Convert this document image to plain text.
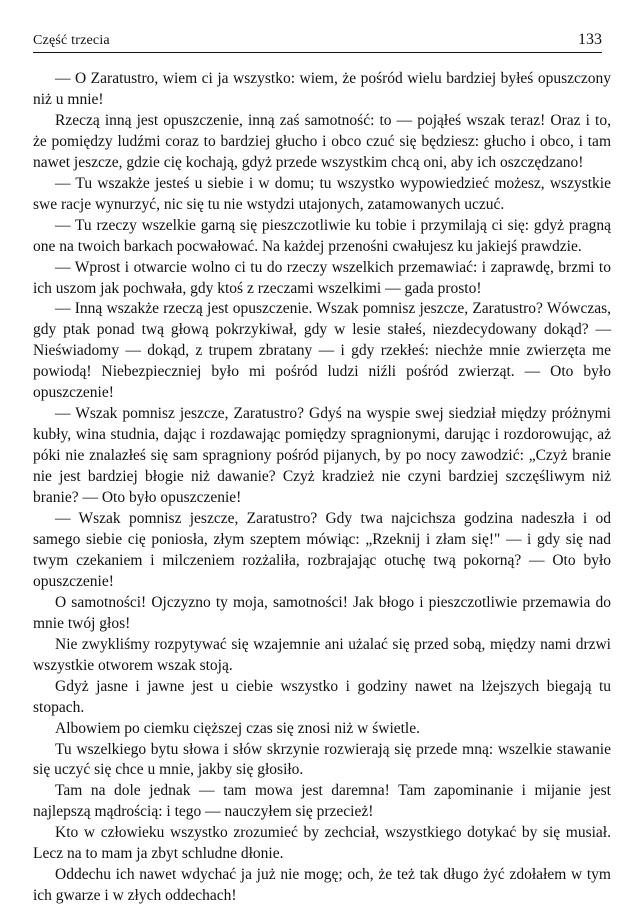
Część trzecia	133

— O Zaratustro, wiem ci ja wszystko: wiem, że pośród wielu bardziej byłeś opuszczony niż u mnie!

Rzeczą inną jest opuszczenie, inną zaś samotność: to — pojąłeś wszak teraz! Oraz i to, że pomiędzy ludźmi coraz to bardziej głucho i obco czuć się będziesz: głucho i obco, i tam nawet jeszcze, gdzie cię kochają, gdyż przede wszystkim chcą oni, aby ich oszczędzano!

— Tu wszakże jesteś u siebie i w domu; tu wszystko wypowiedzieć możesz, wszystkie swe racje wynurzyć, nic się tu nie wstydzi utajonych, zatamowanych uczuć.

— Tu rzeczy wszelkie garną się pieszczotliwie ku tobie i przymilają ci się: gdyż pragną one na twoich barkach pocwałować. Na każdej przenośni cwałujesz ku jakiejś prawdzie.

— Wprost i otwarcie wolno ci tu do rzeczy wszelkich przemawiać: i zaprawdę, brzmi to ich uszom jak pochwała, gdy ktoś z rzeczami wszelkimi — gada prosto!

— Inną wszakże rzeczą jest opuszczenie. Wszak pomnisz jeszcze, Zaratustro? Wówczas, gdy ptak ponad twą głową pokrzykiwał, gdy w lesie stałeś, niezdecydowany dokąd? — Nieświadomy — dokąd, z trupem zbratany — i gdy rzekłeś: niechże mnie zwierzęta me powiodą! Niebezpieczniej było mi pośród ludzi niźli pośród zwierząt. — Oto było opuszczenie!

— Wszak pomnisz jeszcze, Zaratustro? Gdyś na wyspie swej siedział między próżnymi kubły, wina studnia, dając i rozdawając pomiędzy spragnionymi, darując i rozdorowując, aż póki nie znalazłeś się sam spragniony pośród pijanych, by po nocy zawodzić: „Czyż branie nie jest bardziej błogie niż dawanie? Czyż kradzież nie czyni bardziej szczęśliwym niż branie? — Oto było opuszczenie!

— Wszak pomnisz jeszcze, Zaratustro? Gdy twa najcichsza godzina nadeszła i od samego siebie cię poniosła, złym szeptem mówiąc: „Rzeknij i złam się!" — i gdy się nad twym czekaniem i milczeniem rozżaliła, rozbrajając otuchę twą pokorną? — Oto było opuszczenie!

O samotności! Ojczyzno ty moja, samotności! Jak błogo i pieszczotliwie przemawia do mnie twój głos!

Nie zwykliśmy rozpytywać się wzajemnie ani użalać się przed sobą, między nami drzwi wszystkie otworem wszak stoją.

Gdyż jasne i jawne jest u ciebie wszystko i godziny nawet na lżejszych biegają tu stopach.

Albowiem po ciemku cięższej czas się znosi niż w świetle.

Tu wszelkiego bytu słowa i słów skrzynie rozwierają się przede mną: wszelkie stawanie się uczyć się chce u mnie, jakby się głosiło.

Tam na dole jednak — tam mowa jest daremna! Tam zapominanie i mijanie jest najlepszą mądrością: i tego — nauczyłem się przecież!

Kto w człowieku wszystko zrozumieć by zechciał, wszystkiego dotykać by się musiał. Lecz na to mam ja zbyt schludne dłonie.

Oddechu ich nawet wdychać ja już nie mogę; och, że też tak długo żyć zdołałem w tym ich gwarze i w złych oddechach!
